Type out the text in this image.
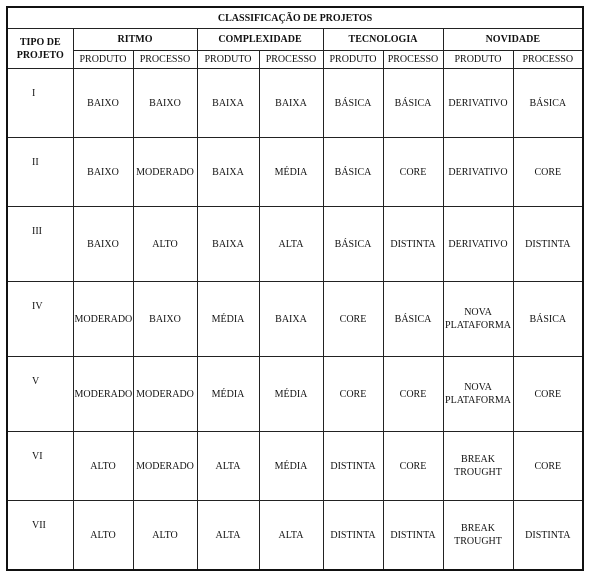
CLASSIFICAÇÃO DE PROJETOS								
TIPO DE PROJETO	RITMO		COMPLEXIDADE		TECNOLOGIA		NOVIDADE	
	PRODUTO	PROCESSO	PRODUTO	PROCESSO	PRODUTO	PROCESSO	PRODUTO	PROCESSO
I	BAIXO	BAIXO	BAIXA	BAIXA	BÁSICA	BÁSICA	DERIVATIVO	BÁSICA
II	BAIXO	MODERADO	BAIXA	MÉDIA	BÁSICA	CORE	DERIVATIVO	CORE
III	BAIXO	ALTO	BAIXA	ALTA	BÁSICA	DISTINTA	DERIVATIVO	DISTINTA
IV	MODERADO	BAIXO	MÉDIA	BAIXA	CORE	BÁSICA	NOVA PLATAFORMA	BÁSICA
V	MODERADO	MODERADO	MÉDIA	MÉDIA	CORE	CORE	NOVA PLATAFORMA	CORE
VI	ALTO	MODERADO	ALTA	MÉDIA	DISTINTA	CORE	BREAK TROUGHT	CORE
VII	ALTO	ALTO	ALTA	ALTA	DISTINTA	DISTINTA	BREAK TROUGHT	DISTINTA
